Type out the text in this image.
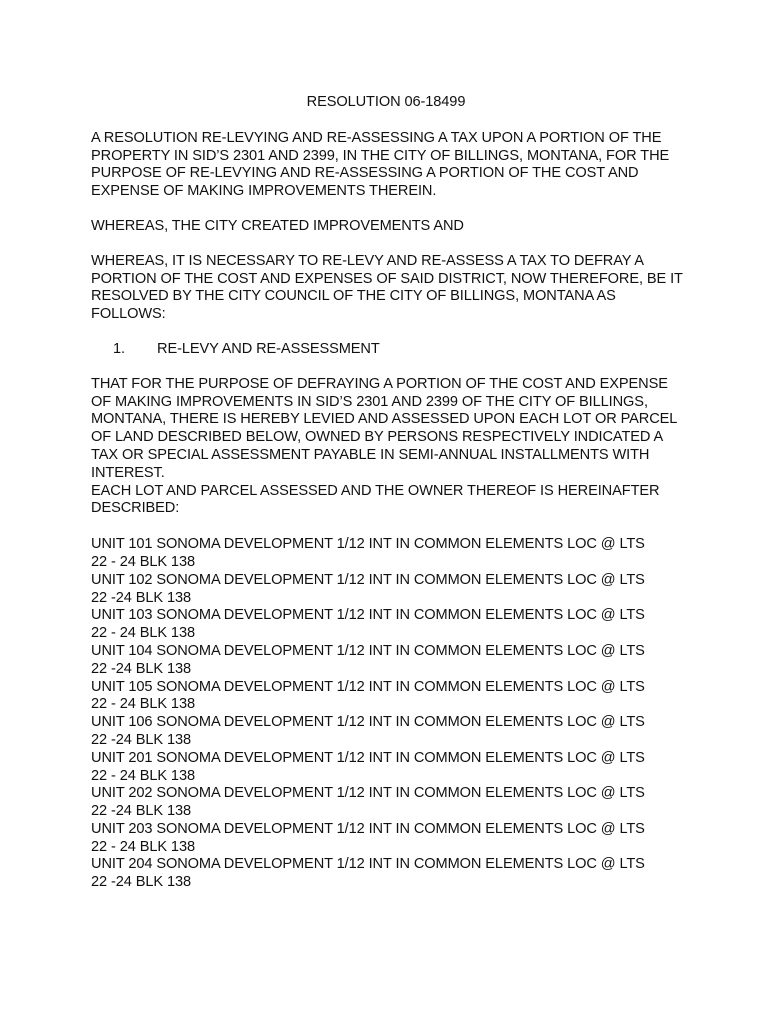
RESOLUTION 06-18499

A RESOLUTION RE-LEVYING AND RE-ASSESSING A TAX UPON A PORTION OF THE PROPERTY IN SID’S 2301 AND 2399, IN THE CITY OF BILLINGS, MONTANA, FOR THE PURPOSE OF RE-LEVYING AND RE-ASSESSING A PORTION OF THE COST AND EXPENSE OF MAKING IMPROVEMENTS THEREIN.

WHEREAS, THE CITY CREATED IMPROVEMENTS AND

WHEREAS, IT IS NECESSARY TO RE-LEVY AND RE-ASSESS A TAX TO DEFRAY A PORTION OF THE COST AND EXPENSES OF SAID DISTRICT, NOW THEREFORE, BE IT RESOLVED BY THE CITY COUNCIL OF THE CITY OF BILLINGS, MONTANA AS FOLLOWS:

1.	RE-LEVY AND RE-ASSESSMENT
THAT FOR THE PURPOSE OF DEFRAYING A PORTION OF THE COST AND EXPENSE OF MAKING IMPROVEMENTS IN SID’S 2301 AND 2399 OF THE CITY OF BILLINGS, MONTANA, THERE IS HEREBY LEVIED AND ASSESSED UPON EACH LOT OR PARCEL OF LAND DESCRIBED BELOW, OWNED BY PERSONS RESPECTIVELY INDICATED A TAX OR SPECIAL ASSESSMENT PAYABLE IN SEMI-ANNUAL INSTALLMENTS WITH INTEREST.
EACH LOT AND PARCEL ASSESSED AND THE OWNER THEREOF IS HEREINAFTER DESCRIBED:
UNIT 101 SONOMA DEVELOPMENT 1/12 INT IN COMMON ELEMENTS LOC @ LTS
22 - 24 BLK 138
UNIT 102 SONOMA DEVELOPMENT 1/12 INT IN COMMON ELEMENTS LOC @ LTS
22 -24 BLK 138
UNIT 103 SONOMA DEVELOPMENT 1/12 INT IN COMMON ELEMENTS LOC @ LTS
22 - 24 BLK 138
UNIT 104 SONOMA DEVELOPMENT 1/12 INT IN COMMON ELEMENTS LOC @ LTS
22 -24 BLK 138
UNIT 105 SONOMA DEVELOPMENT 1/12 INT IN COMMON ELEMENTS LOC @ LTS
22 - 24 BLK 138
UNIT 106 SONOMA DEVELOPMENT 1/12 INT IN COMMON ELEMENTS LOC @ LTS
22 -24 BLK 138
UNIT 201 SONOMA DEVELOPMENT 1/12 INT IN COMMON ELEMENTS LOC @ LTS
22 - 24 BLK 138
UNIT 202 SONOMA DEVELOPMENT 1/12 INT IN COMMON ELEMENTS LOC @ LTS
22 -24 BLK 138
UNIT 203 SONOMA DEVELOPMENT 1/12 INT IN COMMON ELEMENTS LOC @ LTS
22 - 24 BLK 138
UNIT 204 SONOMA DEVELOPMENT 1/12 INT IN COMMON ELEMENTS LOC @ LTS
22 -24 BLK 138
